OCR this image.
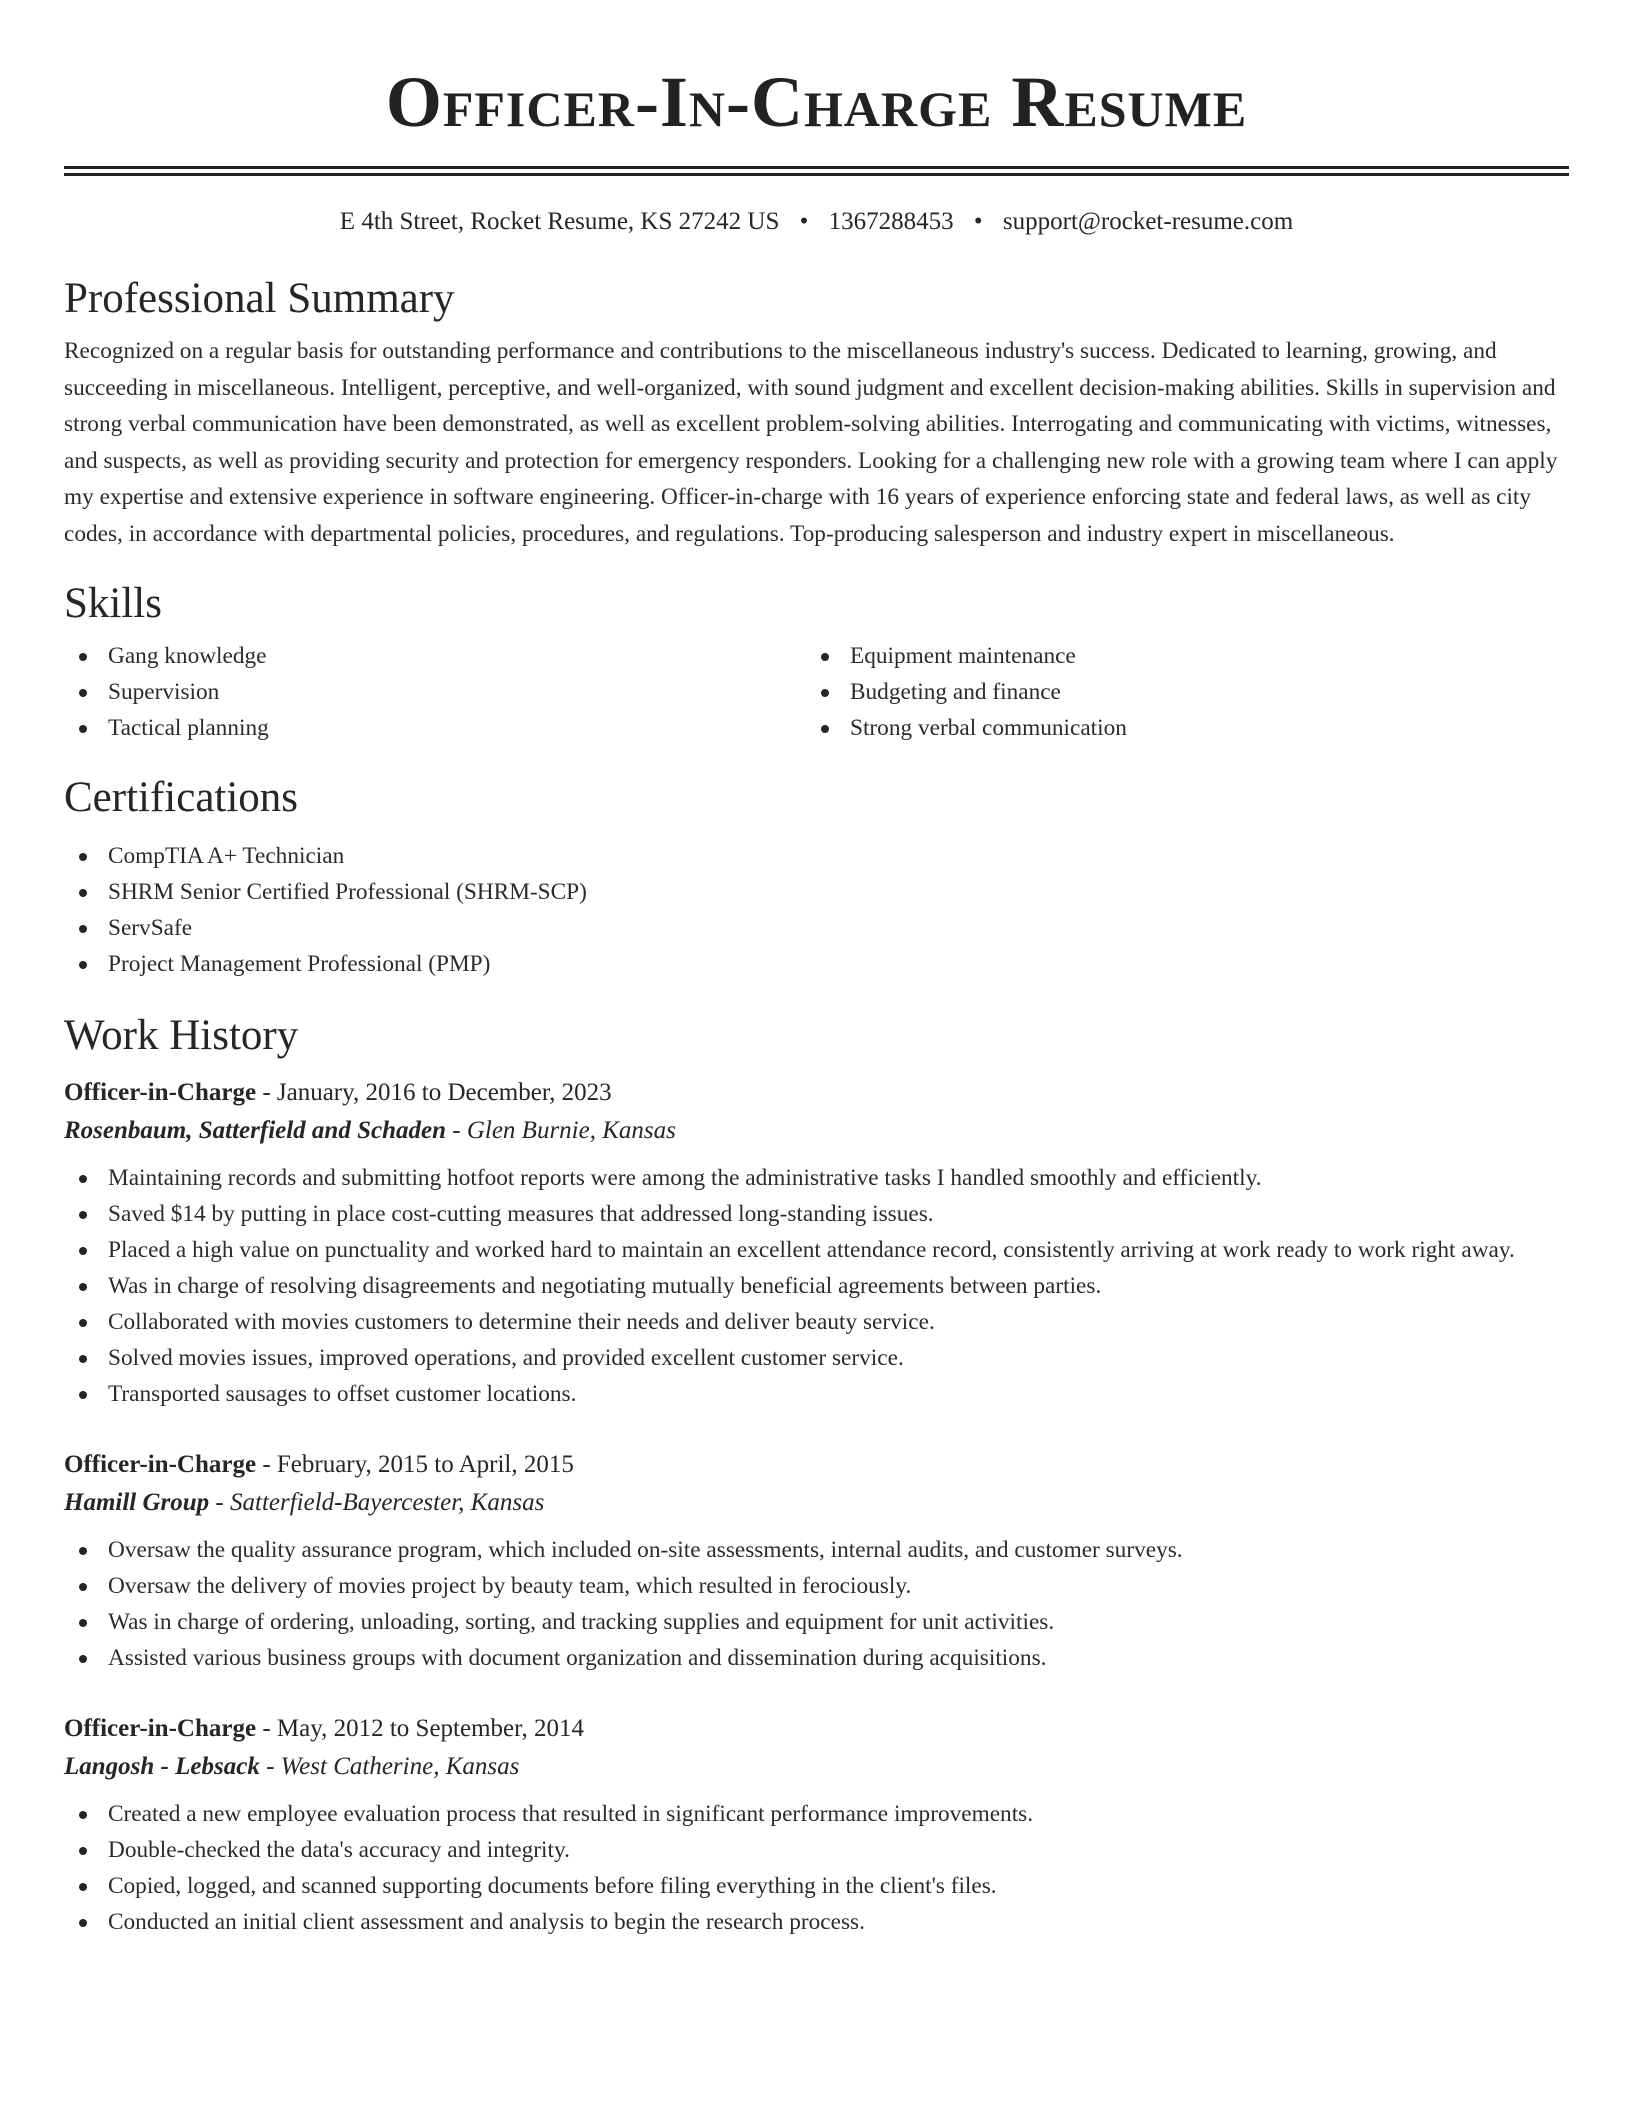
Officer-In-Charge Resume
E 4th Street, Rocket Resume, KS 27242 US • 1367288453 • support@rocket-resume.com
Professional Summary

Recognized on a regular basis for outstanding performance and contributions to the miscellaneous industry's success. Dedicated to learning, growing, and succeeding in miscellaneous. Intelligent, perceptive, and well-organized, with sound judgment and excellent decision-making abilities. Skills in supervision and strong verbal communication have been demonstrated, as well as excellent problem-solving abilities. Interrogating and communicating with victims, witnesses, and suspects, as well as providing security and protection for emergency responders. Looking for a challenging new role with a growing team where I can apply my expertise and extensive experience in software engineering. Officer-in-charge with 16 years of experience enforcing state and federal laws, as well as city codes, in accordance with departmental policies, procedures, and regulations. Top-producing salesperson and industry expert in miscellaneous.

Skills
Gang knowledge
Supervision
Tactical planning
Equipment maintenance
Budgeting and finance
Strong verbal communication
Certifications
CompTIA A+ Technician
SHRM Senior Certified Professional (SHRM-SCP)
ServSafe
Project Management Professional (PMP)
Work History
Officer-in-Charge - January, 2016 to December, 2023
Rosenbaum, Satterfield and Schaden - Glen Burnie, Kansas
Maintaining records and submitting hotfoot reports were among the administrative tasks I handled smoothly and efficiently.
Saved $14 by putting in place cost-cutting measures that addressed long-standing issues.
Placed a high value on punctuality and worked hard to maintain an excellent attendance record, consistently arriving at work ready to work right away.
Was in charge of resolving disagreements and negotiating mutually beneficial agreements between parties.
Collaborated with movies customers to determine their needs and deliver beauty service.
Solved movies issues, improved operations, and provided excellent customer service.
Transported sausages to offset customer locations.
Officer-in-Charge - February, 2015 to April, 2015
Hamill Group - Satterfield-Bayercester, Kansas
Oversaw the quality assurance program, which included on-site assessments, internal audits, and customer surveys.
Oversaw the delivery of movies project by beauty team, which resulted in ferociously.
Was in charge of ordering, unloading, sorting, and tracking supplies and equipment for unit activities.
Assisted various business groups with document organization and dissemination during acquisitions.
Officer-in-Charge - May, 2012 to September, 2014
Langosh - Lebsack - West Catherine, Kansas
Created a new employee evaluation process that resulted in significant performance improvements.
Double-checked the data's accuracy and integrity.
Copied, logged, and scanned supporting documents before filing everything in the client's files.
Conducted an initial client assessment and analysis to begin the research process.
